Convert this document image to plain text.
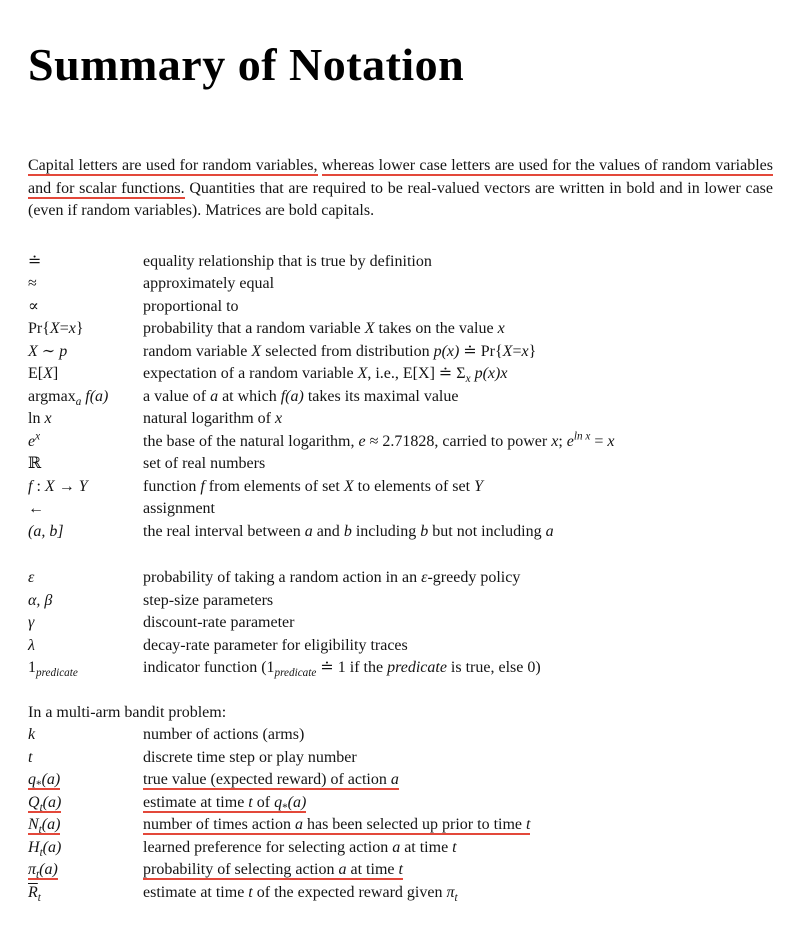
Summary of Notation

Capital letters are used for random variables, whereas lower case letters are used for the values of random variables and for scalar functions. Quantities that are required to be real-valued vectors are written in bold and in lower case (even if random variables). Matrices are bold capitals.

≐	equality relationship that is true by definition
≈	approximately equal
∝	proportional to
Pr{X=x}	probability that a random variable X takes on the value x
X ∼ p	random variable X selected from distribution p(x) ≐ Pr{X=x}
E[X]	expectation of a random variable X, i.e., E[X] ≐ $\Sigma_x$ p(x)x
argmax$_a$ f(a)	a value of a at which f(a) takes its maximal value
ln x	natural logarithm of x
$e^x$	the base of the natural logarithm, e ≈ 2.71828, carried to power x; $e^{ln x} = x$
ℝ	set of real numbers
f : X → Y	function f from elements of set X to elements of set Y
←	assignment
(a, b]	the real interval between a and b including b but not including a
ε	probability of taking a random action in an ε-greedy policy
α, β	step-size parameters
γ	discount-rate parameter
λ	decay-rate parameter for eligibility traces
$1_{predicate}$	indicator function ($1_{predicate}$ ≐ 1 if the predicate is true, else 0)

In a multi-arm bandit problem:

k	number of actions (arms)
t	discrete time step or play number
$q_*(a)$	true value (expected reward) of action a
$Q_t(a)$	estimate at time t of $q_*(a)$
$N_t(a)$	number of times action a has been selected up prior to time t
$H_t(a)$	learned preference for selecting action a at time t
$\pi_t(a)$	probability of selecting action a at time t
$\overline{R}_t$	estimate at time t of the expected reward given $\pi_t$
